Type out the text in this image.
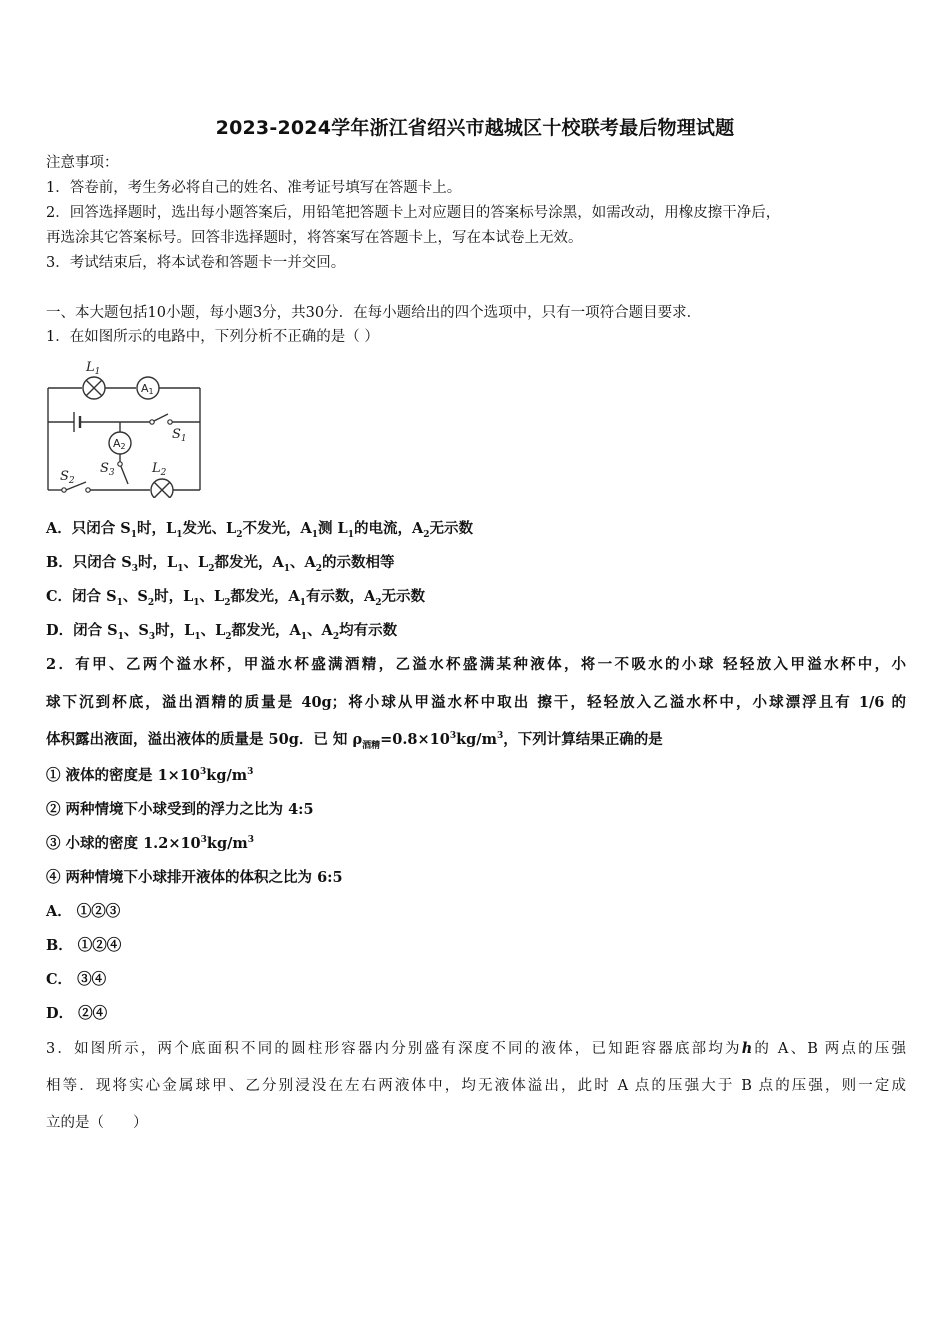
2023-2024学年浙江省绍兴市越城区十校联考最后物理试题
注意事项：
1．答卷前，考生务必将自己的姓名、准考证号填写在答题卡上。
2．回答选择题时，选出每小题答案后，用铅笔把答题卡上对应题目的答案标号涂黑，如需改动，用橡皮擦干净后，
再选涂其它答案标号。回答非选择题时，将答案写在答题卡上，写在本试卷上无效。
3．考试结束后，将本试卷和答题卡一并交回。
一、本大题包括10小题，每小题3分，共30分．在每小题给出的四个选项中，只有一项符合题目要求．
1．在如图所示的电路中，下列分析不正确的是（ ）
$L_1$
$S_1$
$S_3$	$L_2$
$S_2$
A1
A2
A．只闭合 $S_1$时，$L_1$发光、$L_2$不发光，$A_1$测 $L_1$的电流，$A_2$无示数
B．只闭合 $S_3$时，$L_1$、$L_2$都发光，$A_1$、$A_2$的示数相等
C．闭合 $S_1$、$S_2$时，$L_1$、$L_2$都发光，$A_1$有示数，$A_2$无示数
D．闭合 $S_1$、$S_3$时，$L_1$、$L_2$都发光，$A_1$、$A_2$均有示数
2．有甲、乙两个溢水杯，甲溢水杯盛满酒精，乙溢水杯盛满某种液体，将一不吸水的小球 轻轻放入甲溢水杯中，小
球下沉到杯底，溢出酒精的质量是 40g；将小球从甲溢水杯中取出 擦干，轻轻放入乙溢水杯中，小球漂浮且有 1/6 的
体积露出液面，溢出液体的质量是 50g．已 知 $\rho_{酒精}=0.8\times 10^3kg/m^3$，下列计算结果正确的是
① 液体的密度是 $1\times 10^3kg/m^3$
② 两种情境下小球受到的浮力之比为 4:5
③ 小球的密度 $1.2\times 10^3kg/m^3$
④ 两种情境下小球排开液体的体积之比为 6:5
A． ①②③
B． ①②④
C． ③④
D． ②④
3．如图所示，两个底面积不同的圆柱形容器内分别盛有深度不同的液体，已知距容器底部均为h的 A、B 两点的压强
相等．现将实心金属球甲、乙分别浸没在左右两液体中，均无液体溢出，此时 A 点的压强大于 B 点的压强，则一定成
立的是（　　）
